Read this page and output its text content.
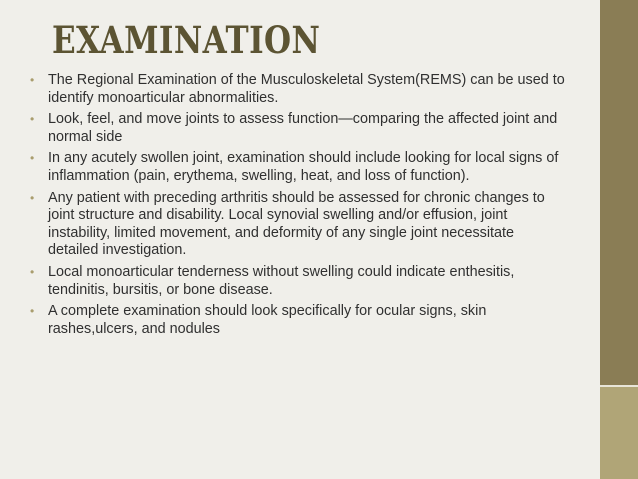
EXAMINATION
• The Regional Examination of the Musculoskeletal System(REMS) can be used to identify monoarticular abnormalities.
• Look, feel, and move joints to assess function—comparing the affected joint and normal side
• In any acutely swollen joint, examination should include looking for local signs of inflammation (pain, erythema, swelling, heat, and loss of function).
• Any patient with preceding arthritis should be assessed for chronic changes to joint structure and disability. Local synovial swelling and/or effusion, joint instability, limited movement, and deformity of any single joint necessitate detailed investigation.
• Local monoarticular tenderness without swelling could indicate enthesitis, tendinitis, bursitis, or bone disease.
• A complete examination should look specifically for ocular signs, skin rashes,ulcers, and nodules
